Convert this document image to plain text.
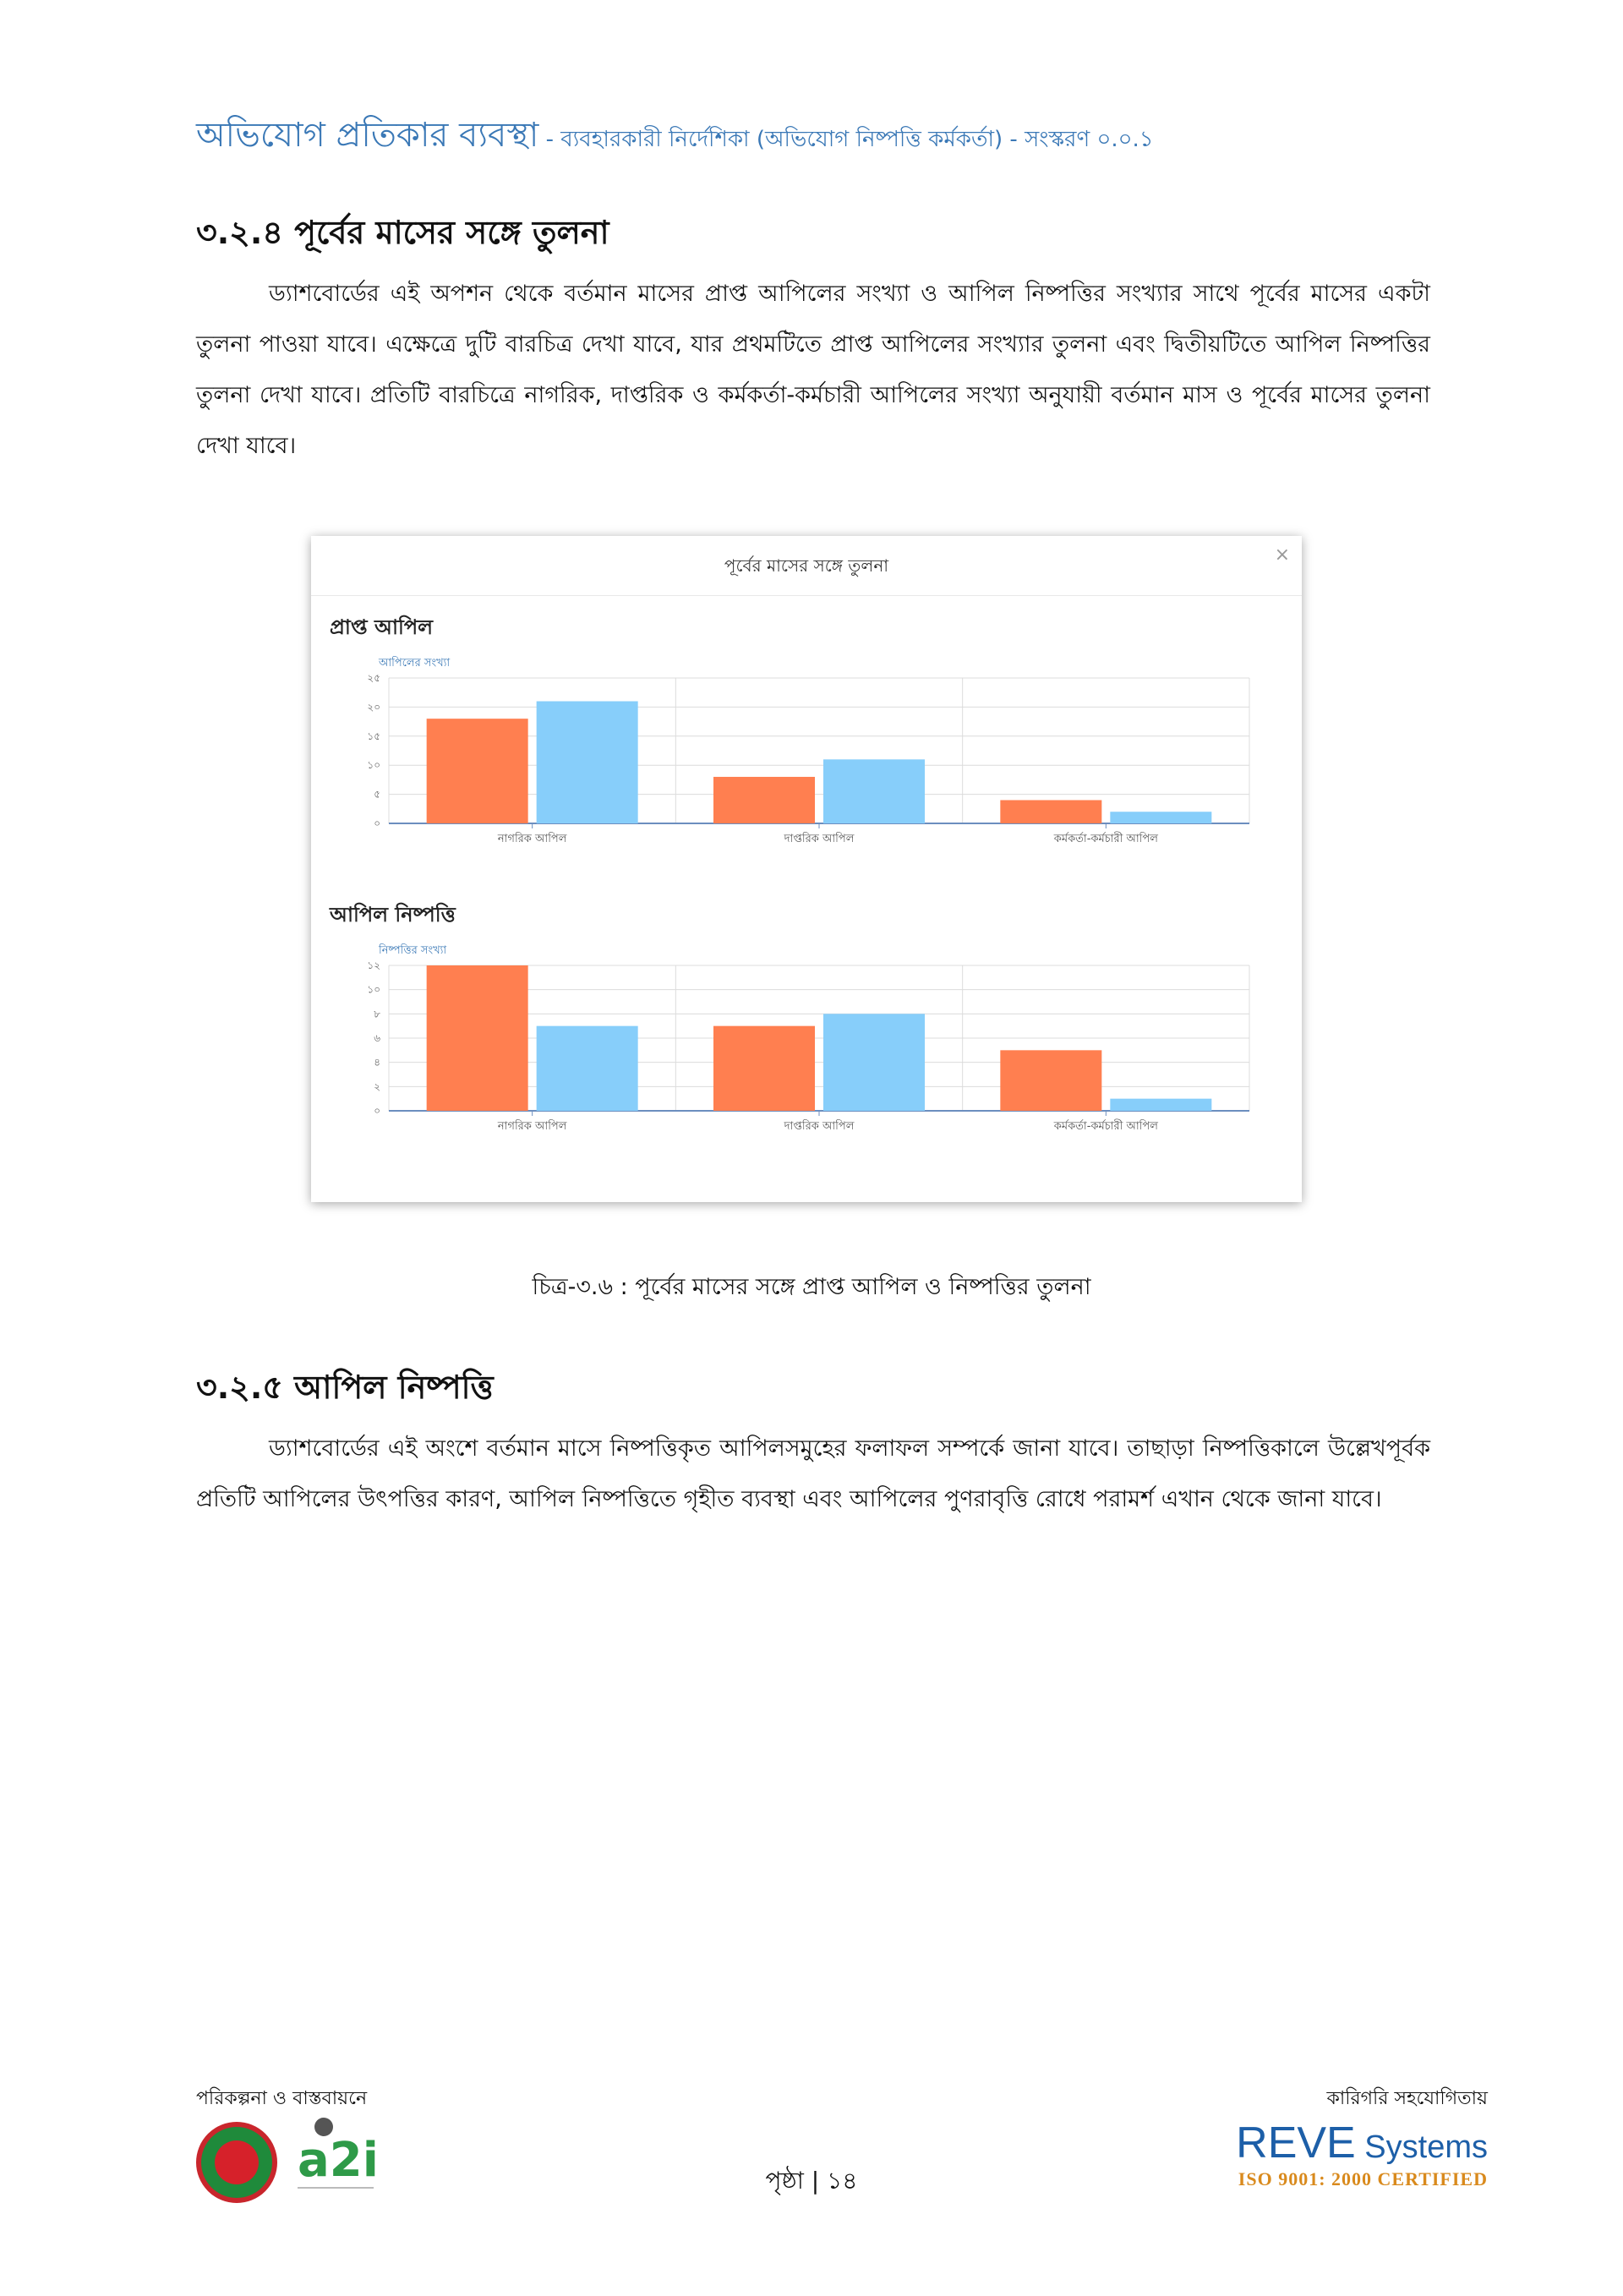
অভিযোগ প্রতিকার ব্যবস্থা - ব্যবহারকারী নির্দেশিকা (অভিযোগ নিষ্পত্তি কর্মকর্তা) - সংস্করণ ০.০.১
৩.২.৪ পূর্বের মাসের সঙ্গে তুলনা

ড্যাশবোর্ডের এই অপশন থেকে বর্তমান মাসের প্রাপ্ত আপিলের সংখ্যা ও আপিল নিষ্পত্তির সংখ্যার সাথে পূর্বের মাসের একটা তুলনা পাওয়া যাবে। এক্ষেত্রে দুটি বারচিত্র দেখা যাবে, যার প্রথমটিতে প্রাপ্ত আপিলের সংখ্যার তুলনা এবং দ্বিতীয়টিতে আপিল নিষ্পত্তির তুলনা দেখা যাবে। প্রতিটি বারচিত্রে নাগরিক, দাপ্তরিক ও কর্মকর্তা-কর্মচারী আপিলের সংখ্যা অনুযায়ী বর্তমান মাস ও পূর্বের মাসের তুলনা দেখা যাবে।

পূর্বের মাসের সঙ্গে তুলনা	×
প্রাপ্ত আপিল
আপিলের সংখ্যা
০
৫
১০
১৫
২০
২৫
নাগরিক আপিল	দাপ্তরিক আপিল	কর্মকর্তা-কর্মচারী আপিল
আপিল নিষ্পত্তি
নিষ্পত্তির সংখ্যা
০
২
৪
৬
৮
১০
১২
নাগরিক আপিল	দাপ্তরিক আপিল	কর্মকর্তা-কর্মচারী আপিল
চিত্র-৩.৬ : পূর্বের মাসের সঙ্গে প্রাপ্ত আপিল ও নিষ্পত্তির তুলনা
৩.২.৫ আপিল নিষ্পত্তি

ড্যাশবোর্ডের এই অংশে বর্তমান মাসে নিষ্পত্তিকৃত আপিলসমুহের ফলাফল সম্পর্কে জানা যাবে। তাছাড়া নিষ্পত্তিকালে উল্লেখপূর্বক প্রতিটি আপিলের উৎপত্তির কারণ, আপিল নিষ্পত্তিতে গৃহীত ব্যবস্থা এবং আপিলের পুণরাবৃত্তি রোধে পরামর্শ এখান থেকে জানা যাবে।

পরিকল্পনা ও বাস্তবায়নে	কারিগরি সহযোগিতায়
a2i	পৃষ্ঠা | ১৪
REVE Systems
ISO 9001: 2000 CERTIFIED
